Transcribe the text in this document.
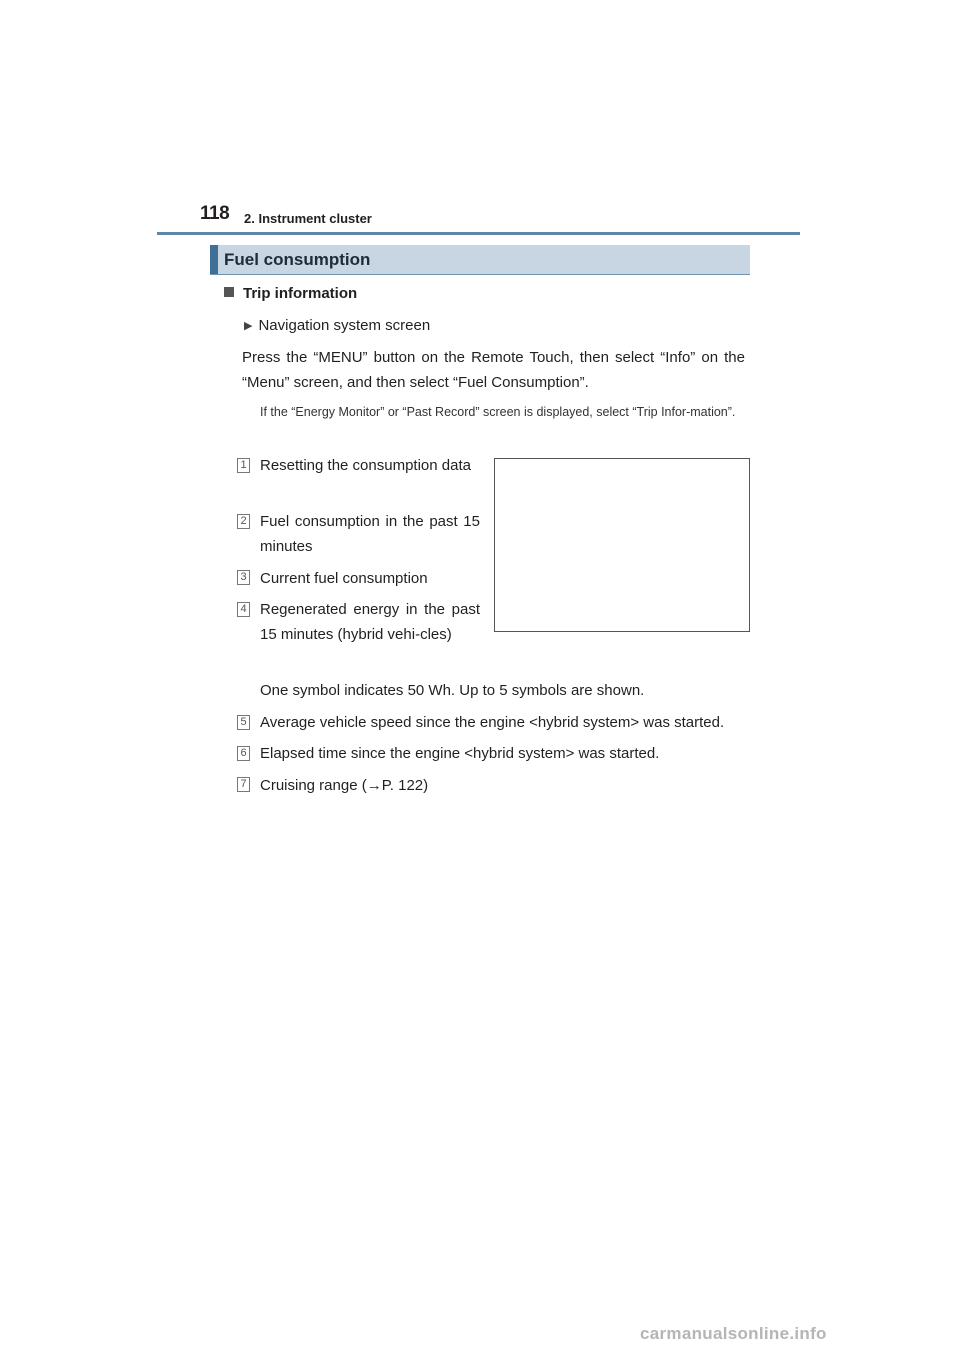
118 2. Instrument cluster
Fuel consumption
Trip information
▶ Navigation system screen
Press the “MENU” button on the Remote Touch, then select “Info” on the “Menu” screen, and then select “Fuel Consumption”.
If the “Energy Monitor” or “Past Record” screen is displayed, select “Trip Infor-mation”.
1 Resetting the consumption data
2 Fuel consumption in the past 15 minutes
3 Current fuel consumption
4 Regenerated energy in the past 15 minutes (hybrid vehi-cles)
One symbol indicates 50 Wh. Up to 5 symbols are shown.
5 Average vehicle speed since the engine <hybrid system> was started.
6 Elapsed time since the engine <hybrid system> was started.
7 Cruising range (→P. 122)
carmanualsonline.info
